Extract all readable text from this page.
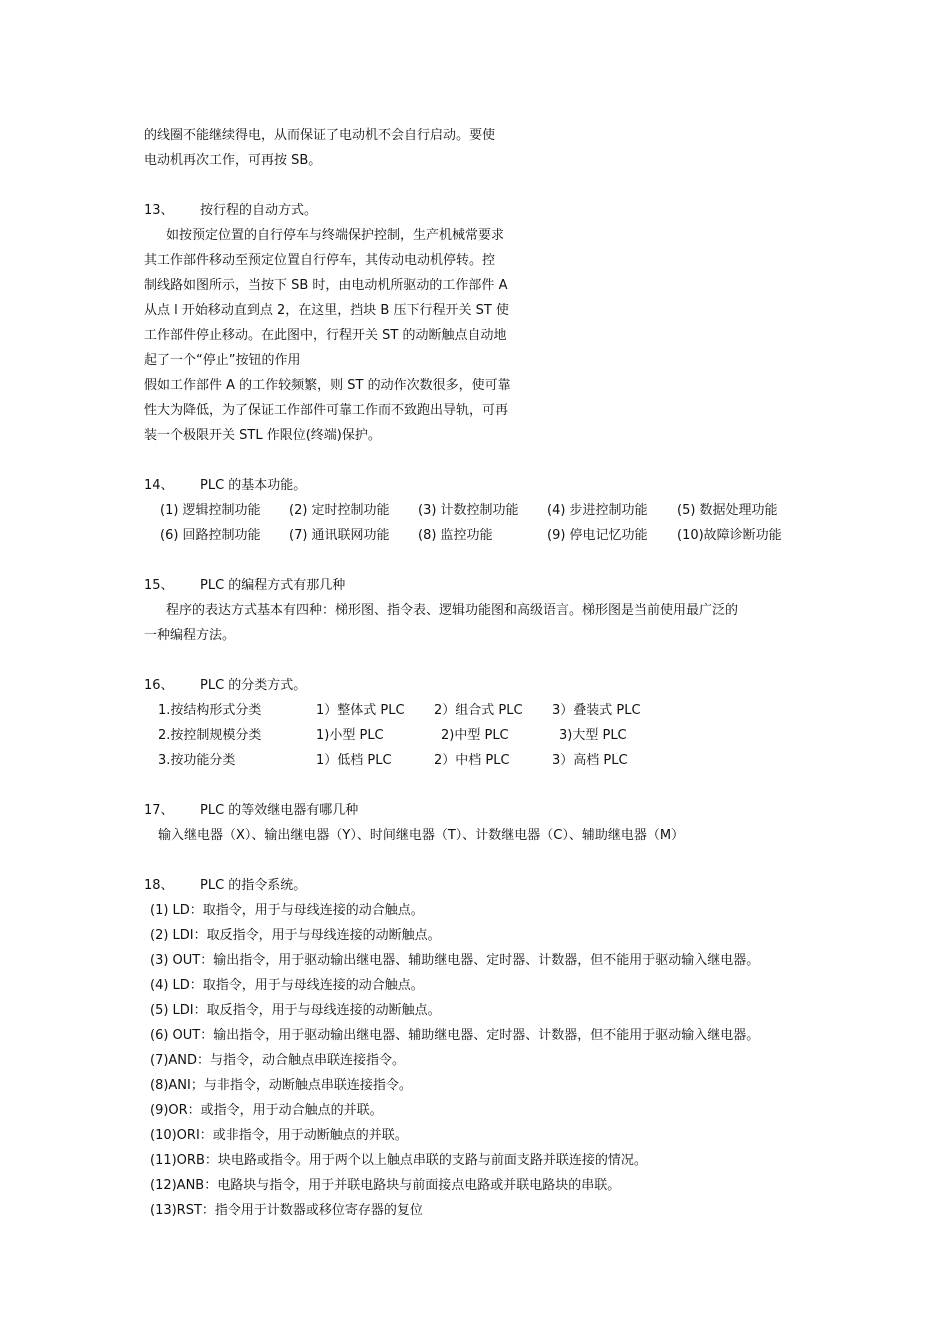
的线圈不能继续得电，从而保证了电动机不会自行启动。要使
电动机再次工作，可再按 SB。
13、 按行程的自动方式。
如按预定位置的自行停车与终端保护控制，生产机械常要求
其工作部件移动至预定位置自行停车，其传动电动机停转。控
制线路如图所示，当按下 SB 时，由电动机所驱动的工作部件 A
从点 l 开始移动直到点 2，在这里，挡块 B 压下行程开关 ST 使
工作部件停止移动。在此图中，行程开关 ST 的动断触点自动地
起了一个“停止”按钮的作用
假如工作部件 A 的工作较频繁，则 ST 的动作次数很多，使可靠
性大为降低，为了保证工作部件可靠工作而不致跑出导轨，可再
装一个极限开关 STL 作限位(终端)保护。
14、 PLC 的基本功能。
(1) 逻辑控制功能 (2) 定时控制功能 (3) 计数控制功能 (4) 步进控制功能 (5) 数据处理功能
(6) 回路控制功能 (7) 通讯联网功能 (8) 监控功能	(9) 停电记忆功能 (10)故障诊断功能
15、 PLC 的编程方式有那几种
程序的表达方式基本有四种：梯形图、指令表、逻辑功能图和高级语言。梯形图是当前使用最广泛的
一种编程方法。
16、 PLC 的分类方式。
1.按结构形式分类	1）整体式 PLC 2）组合式 PLC 3）叠装式 PLC
2.按控制规模分类	1)小型 PLC	2)中型 PLC	3)大型 PLC
3.按功能分类	1）低档 PLC	2）中档 PLC	3）高档 PLC
17、 PLC 的等效继电器有哪几种
输入继电器（X）、输出继电器（Y）、时间继电器（T）、计数继电器（C）、辅助继电器（M）
18、 PLC 的指令系统。
(1) LD：取指令，用于与母线连接的动合触点。
(2) LDI：取反指令，用于与母线连接的动断触点。
(3) OUT：输出指令，用于驱动输出继电器、辅助继电器、定时器、计数器，但不能用于驱动输入继电器。
(4) LD：取指令，用于与母线连接的动合触点。
(5) LDI：取反指令，用于与母线连接的动断触点。
(6) OUT：输出指令，用于驱动输出继电器、辅助继电器、定时器、计数器，但不能用于驱动输入继电器。
(7)AND：与指令，动合触点串联连接指令。
(8)ANI；与非指令，动断触点串联连接指令。
(9)OR：或指令，用于动合触点的并联。
(10)ORI：或非指令，用于动断触点的并联。
(11)ORB：块电路或指令。用于两个以上触点串联的支路与前面支路并联连接的情况。
(12)ANB：电路块与指令，用于并联电路块与前面接点电路或并联电路块的串联。
(13)RST：指令用于计数器或移位寄存器的复位
